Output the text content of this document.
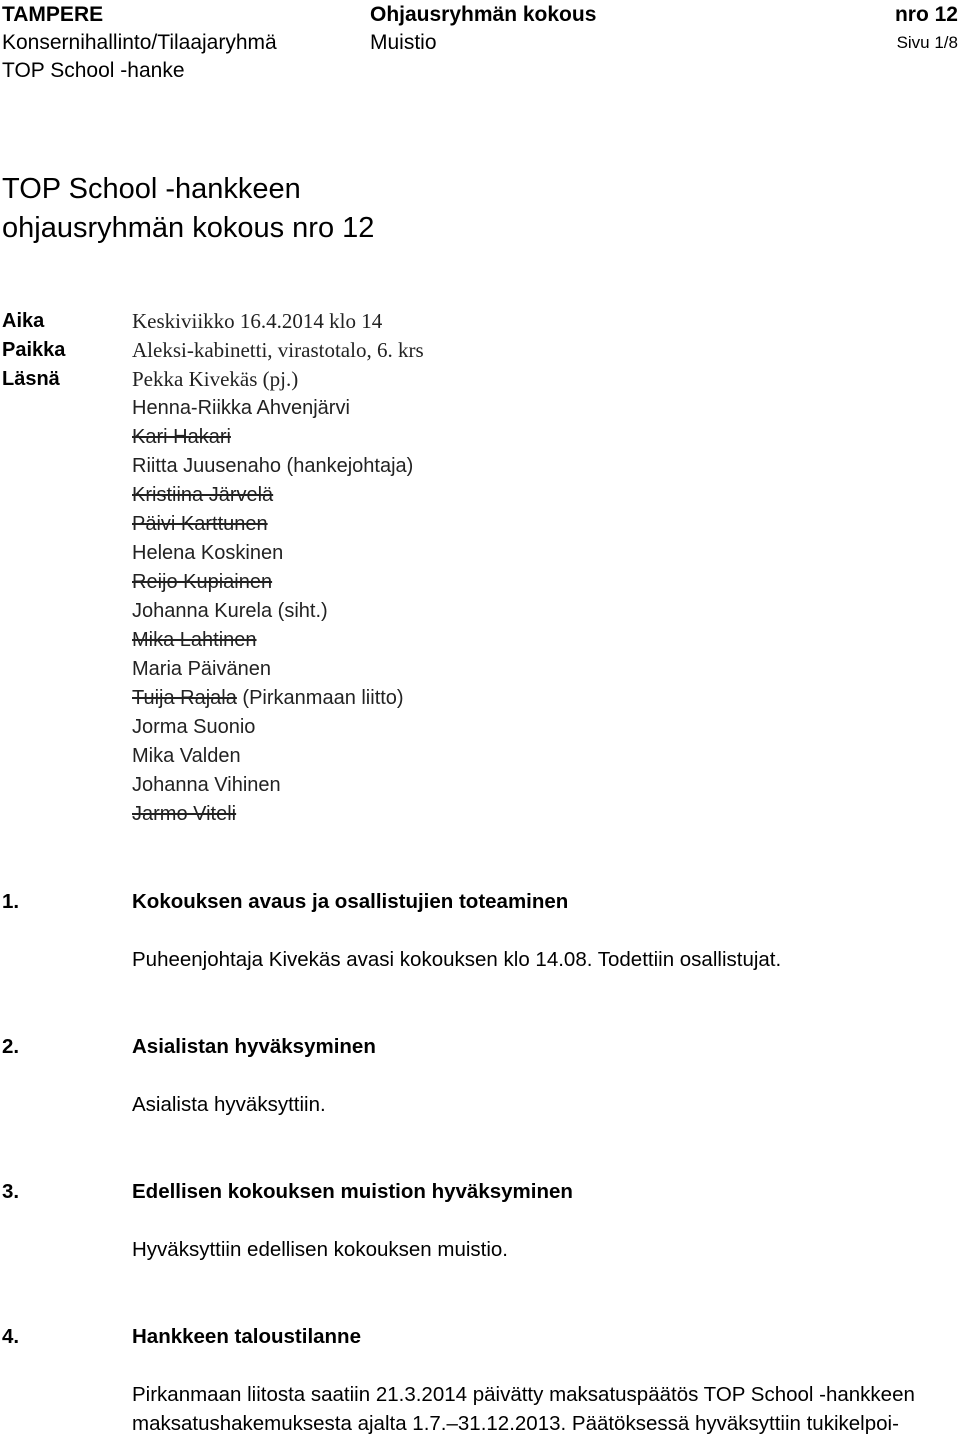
TAMPERE	Ohjausryhmän kokous	nro 12
Konsernihallinto/Tilaajaryhmä	Muistio	Sivu 1/8
TOP School -hanke
TOP School -hankkeen
ohjausryhmän kokous nro 12
Aika	Keskiviikko 16.4.2014 klo 14
Paikka	Aleksi-kabinetti, virastotalo, 6. krs
Läsnä	Pekka Kivekäs (pj.)
Henna-Riikka Ahvenjärvi
Kari Hakari
Riitta Juusenaho (hankejohtaja)
Kristiina Järvelä
Päivi Karttunen
Helena Koskinen
Reijo Kupiainen
Johanna Kurela (siht.)
Mika Lahtinen
Maria Päivänen
Tuija Rajala (Pirkanmaan liitto)
Jorma Suonio
Mika Valden
Johanna Vihinen
Jarmo Viteli
1.	Kokouksen avaus ja osallistujien toteaminen
Puheenjohtaja Kivekäs avasi kokouksen klo 14.08. Todettiin osallistujat.
2.	Asialistan hyväksyminen
Asialista hyväksyttiin.
3.	Edellisen kokouksen muistion hyväksyminen
Hyväksyttiin edellisen kokouksen muistio.
4.	Hankkeen taloustilanne
Pirkanmaan liitosta saatiin 21.3.2014 päivätty maksatuspäätös TOP School -hankkeen
maksatushakemuksesta ajalta 1.7.–31.12.2013. Päätöksessä hyväksyttiin tukikelpoi-
